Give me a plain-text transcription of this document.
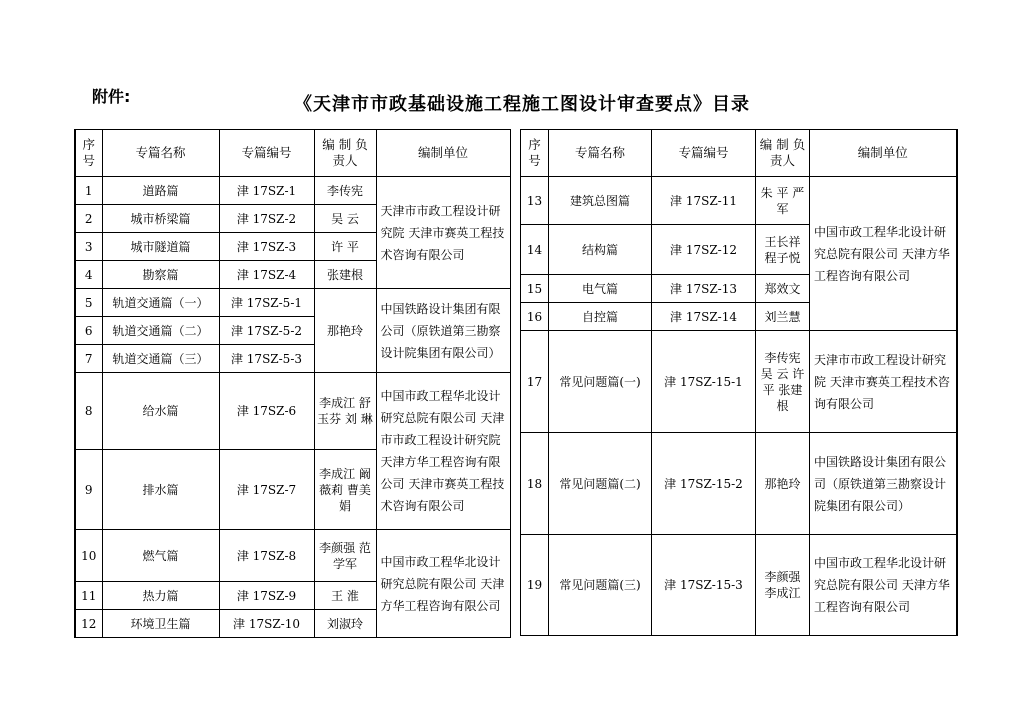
附件:	《天津市市政基础设施工程施工图设计审查要点》目录
序号	专篇名称	专篇编号	编 制 负责人	编制单位
1	道路篇	津 17SZ-1	李传宪	天津市市政工程设计研究院 天津市赛英工程技术咨询有限公司
2	城市桥梁篇	津 17SZ-2	吴 云	
3	城市隧道篇	津 17SZ-3	许 平	
4	勘察篇	津 17SZ-4	张建根	
5	轨道交通篇（一）	津 17SZ-5-1	那艳玲	中国铁路设计集团有限公司（原铁道第三勘察设计院集团有限公司）
6	轨道交通篇（二）	津 17SZ-5-2		
7	轨道交通篇（三）	津 17SZ-5-3		
8	给水篇	津 17SZ-6	李成江 舒玉芬 刘 琳	中国市政工程华北设计研究总院有限公司 天津市市政工程设计研究院 天津方华工程咨询有限公司 天津市赛英工程技术咨询有限公司
9	排水篇	津 17SZ-7	李成江 阚薇莉 曹美娟	
10	燃气篇	津 17SZ-8	李颜强 范学军	中国市政工程华北设计研究总院有限公司 天津方华工程咨询有限公司
11	热力篇	津 17SZ-9	王 淮	
12	环境卫生篇	津 17SZ-10	刘淑玲	
序号	专篇名称	专篇编号	编 制 负责人	编制单位
13	建筑总图篇	津 17SZ-11	朱 平 严 军	中国市政工程华北设计研究总院有限公司 天津方华工程咨询有限公司
14	结构篇	津 17SZ-12	王长祥 程子悦	
15	电气篇	津 17SZ-13	郑效文	
16	自控篇	津 17SZ-14	刘兰慧	
17	常见问题篇(一)	津 17SZ-15-1	李传宪 吴 云 许 平 张建根	天津市市政工程设计研究院 天津市赛英工程技术咨询有限公司
18	常见问题篇(二)	津 17SZ-15-2	那艳玲	中国铁路设计集团有限公司（原铁道第三勘察设计院集团有限公司）
19	常见问题篇(三)	津 17SZ-15-3	李颜强 李成江	中国市政工程华北设计研究总院有限公司 天津方华工程咨询有限公司
